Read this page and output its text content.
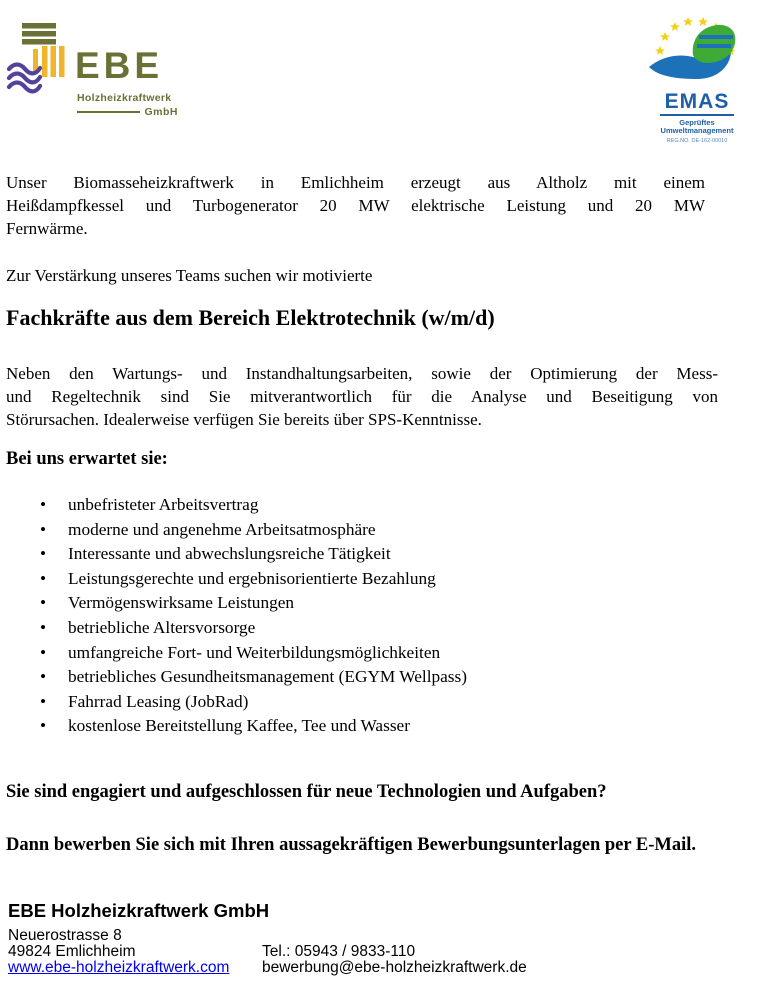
EBE
Holzheizkraftwerk
GmbH	EMAS
Geprüftes
Umweltmanagement
REG.NO. DE-162-00010
Unser Biomasseheizkraftwerk in Emlichheim erzeugt aus Altholz mit einem
Heißdampfkessel und Turbogenerator 20 MW elektrische Leistung und 20 MW
Fernwärme.
Zur Verstärkung unseres Teams suchen wir motivierte
Fachkräfte aus dem Bereich Elektrotechnik (w/m/d)
Neben den Wartungs- und Instandhaltungsarbeiten, sowie der Optimierung der Mess-
und Regeltechnik sind Sie mitverantwortlich für die Analyse und Beseitigung von
Störursachen. Idealerweise verfügen Sie bereits über SPS-Kenntnisse.
Bei uns erwartet sie:
• unbefristeter Arbeitsvertrag
• moderne und angenehme Arbeitsatmosphäre
• Interessante und abwechslungsreiche Tätigkeit
• Leistungsgerechte und ergebnisorientierte Bezahlung
• Vermögenswirksame Leistungen
• betriebliche Altersvorsorge
• umfangreiche Fort- und Weiterbildungsmöglichkeiten
• betriebliches Gesundheitsmanagement (EGYM Wellpass)
• Fahrrad Leasing (JobRad)
• kostenlose Bereitstellung Kaffee, Tee und Wasser
Sie sind engagiert und aufgeschlossen für neue Technologien und Aufgaben?
Dann bewerben Sie sich mit Ihren aussagekräftigen Bewerbungsunterlagen per E-Mail.
EBE Holzheizkraftwerk GmbH
Neuerostrasse 8
49824 Emlichheim	Tel.: 05943 / 9833-110
www.ebe-holzheizkraftwerk.com bewerbung@ebe-holzheizkraftwerk.de
